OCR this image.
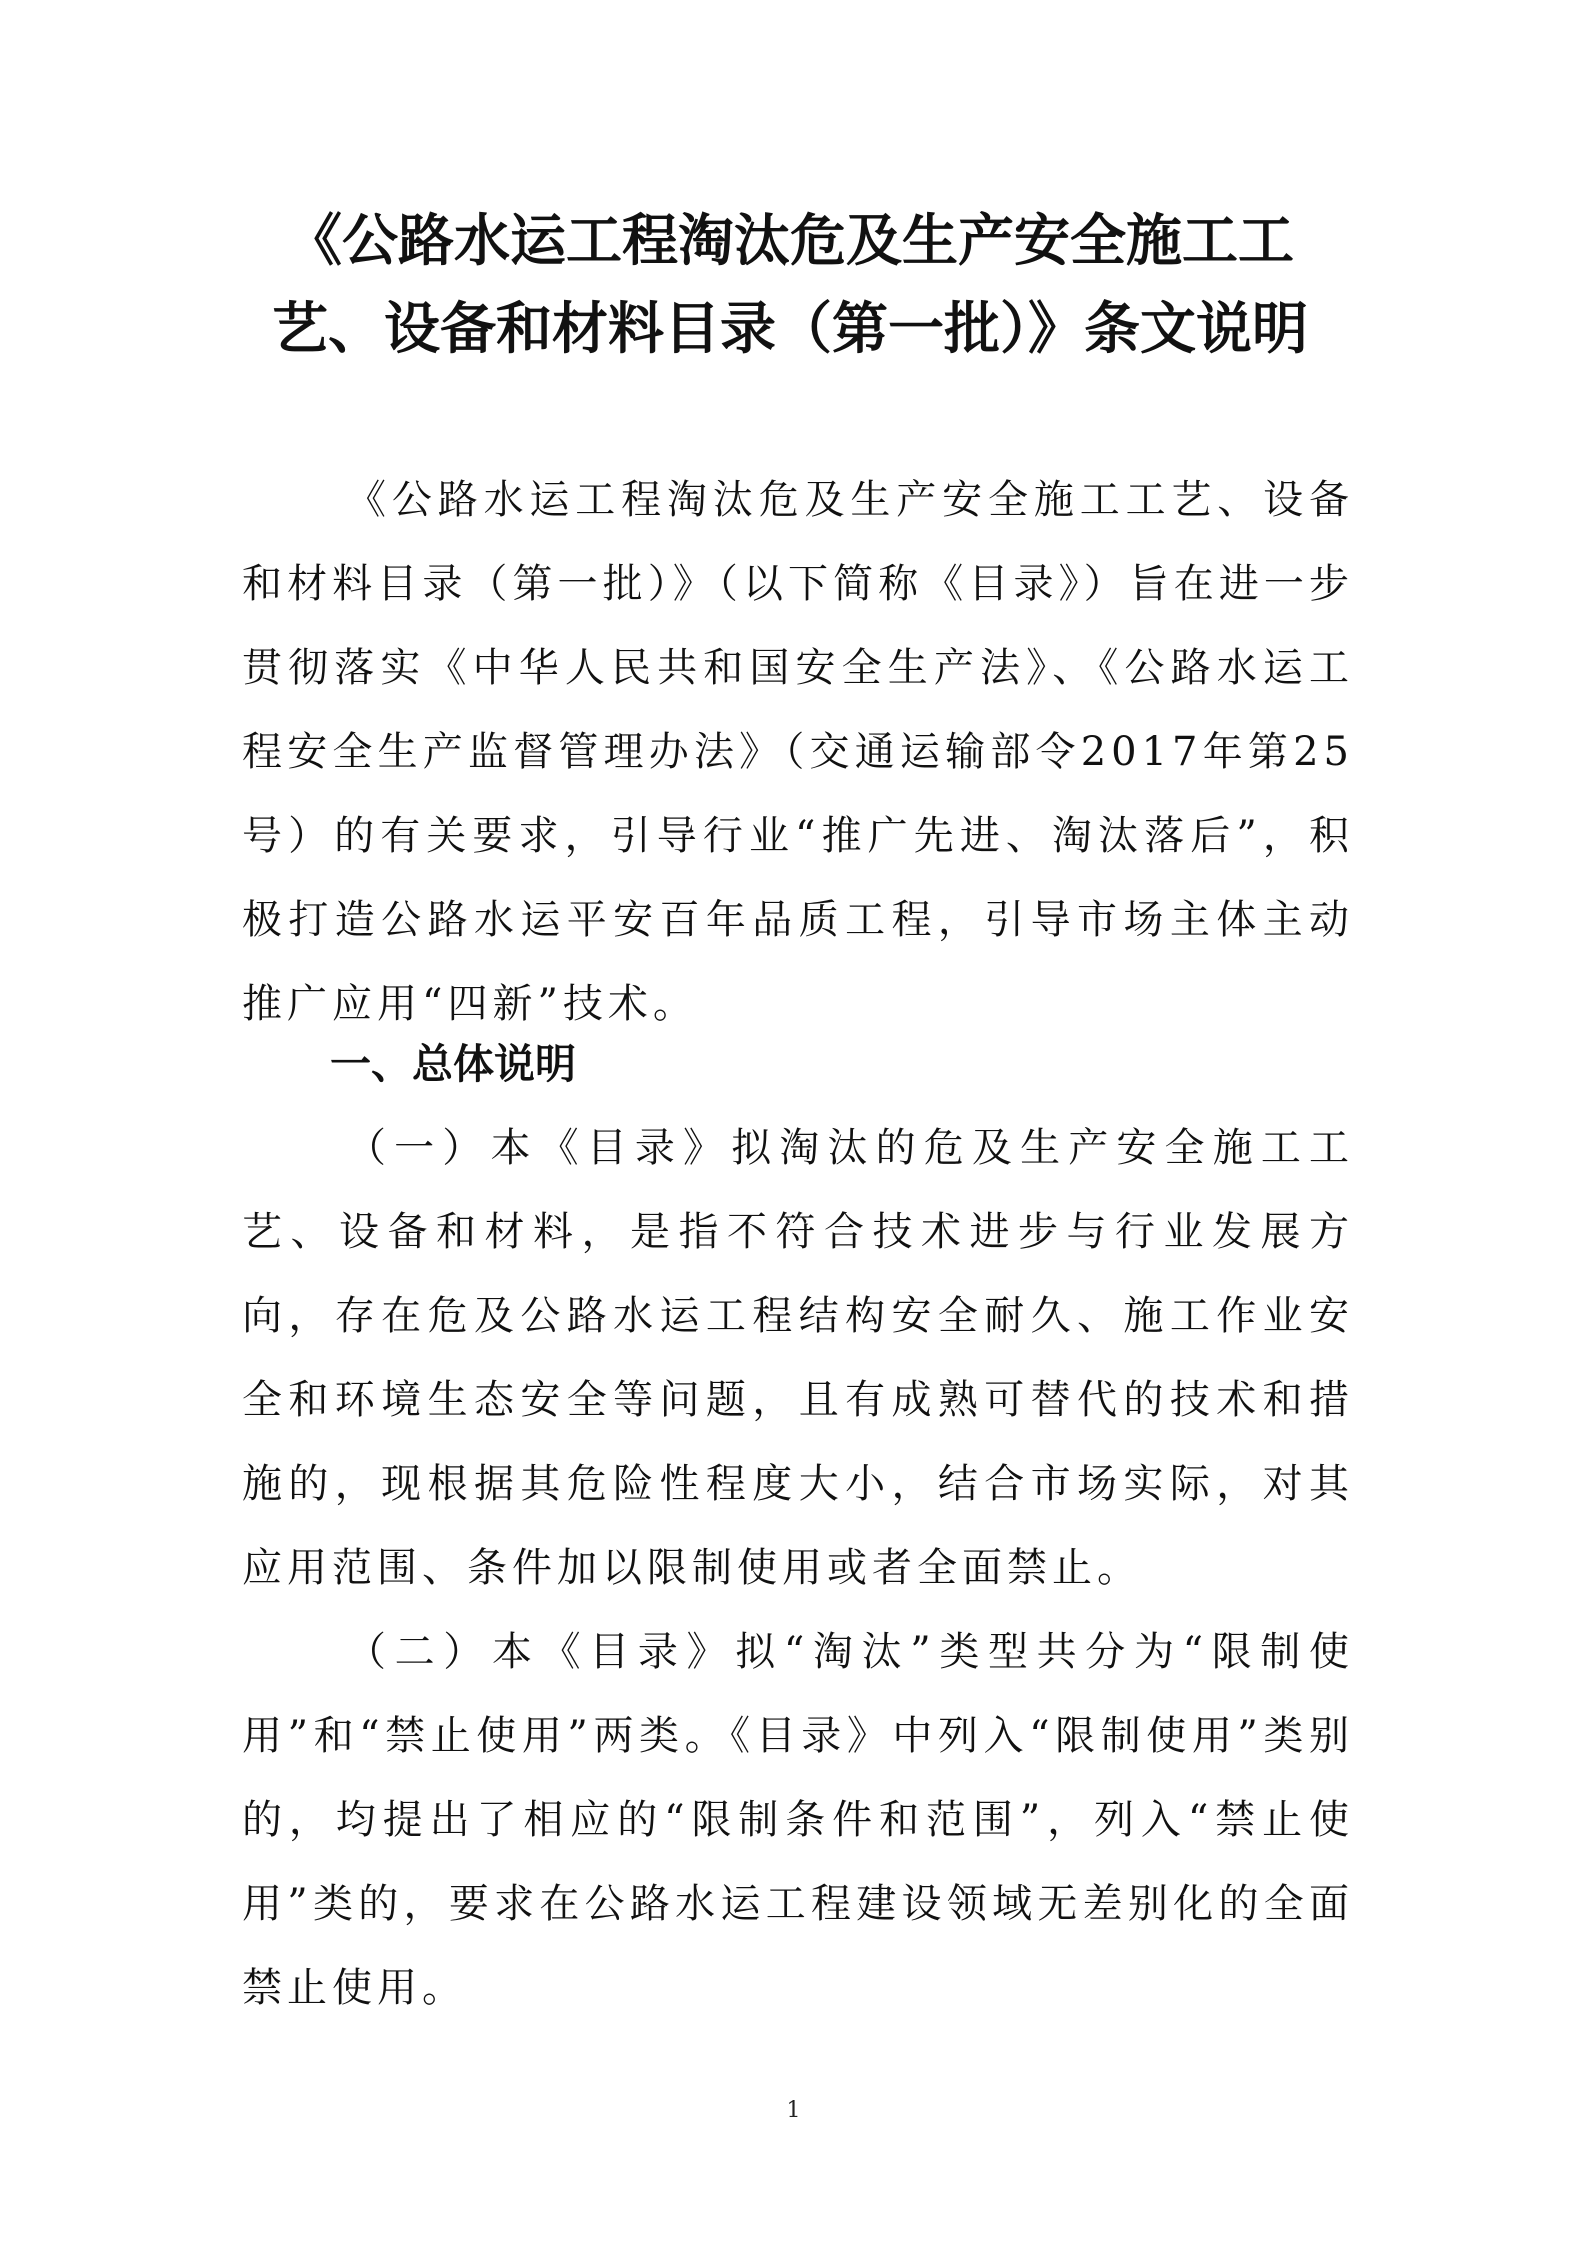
《公路水运工程淘汰危及生产安全施工工
艺、设备和材料目录（第一批）》条文说明

《公路水运工程淘汰危及生产安全施工工艺、设备和材料目录（第一批）》（以下简称《目录》）旨在进一步贯彻落实《中华人民共和国安全生产法》、《公路水运工程安全生产监督管理办法》（交通运输部令2017年第25号）的有关要求，引导行业“推广先进、淘汰落后”，积极打造公路水运平安百年品质工程，引导市场主体主动推广应用“四新”技术。

一、总体说明

（一）本《目录》拟淘汰的危及生产安全施工工艺、设备和材料，是指不符合技术进步与行业发展方向，存在危及公路水运工程结构安全耐久、施工作业安全和环境生态安全等问题，且有成熟可替代的技术和措施的，现根据其危险性程度大小，结合市场实际，对其应用范围、条件加以限制使用或者全面禁止。

（二）本《目录》拟“淘汰”类型共分为“限制使用”和“禁止使用”两类。《目录》中列入“限制使用”类别的，均提出了相应的“限制条件和范围”，列入“禁止使用”类的，要求在公路水运工程建设领域无差别化的全面禁止使用。

1
